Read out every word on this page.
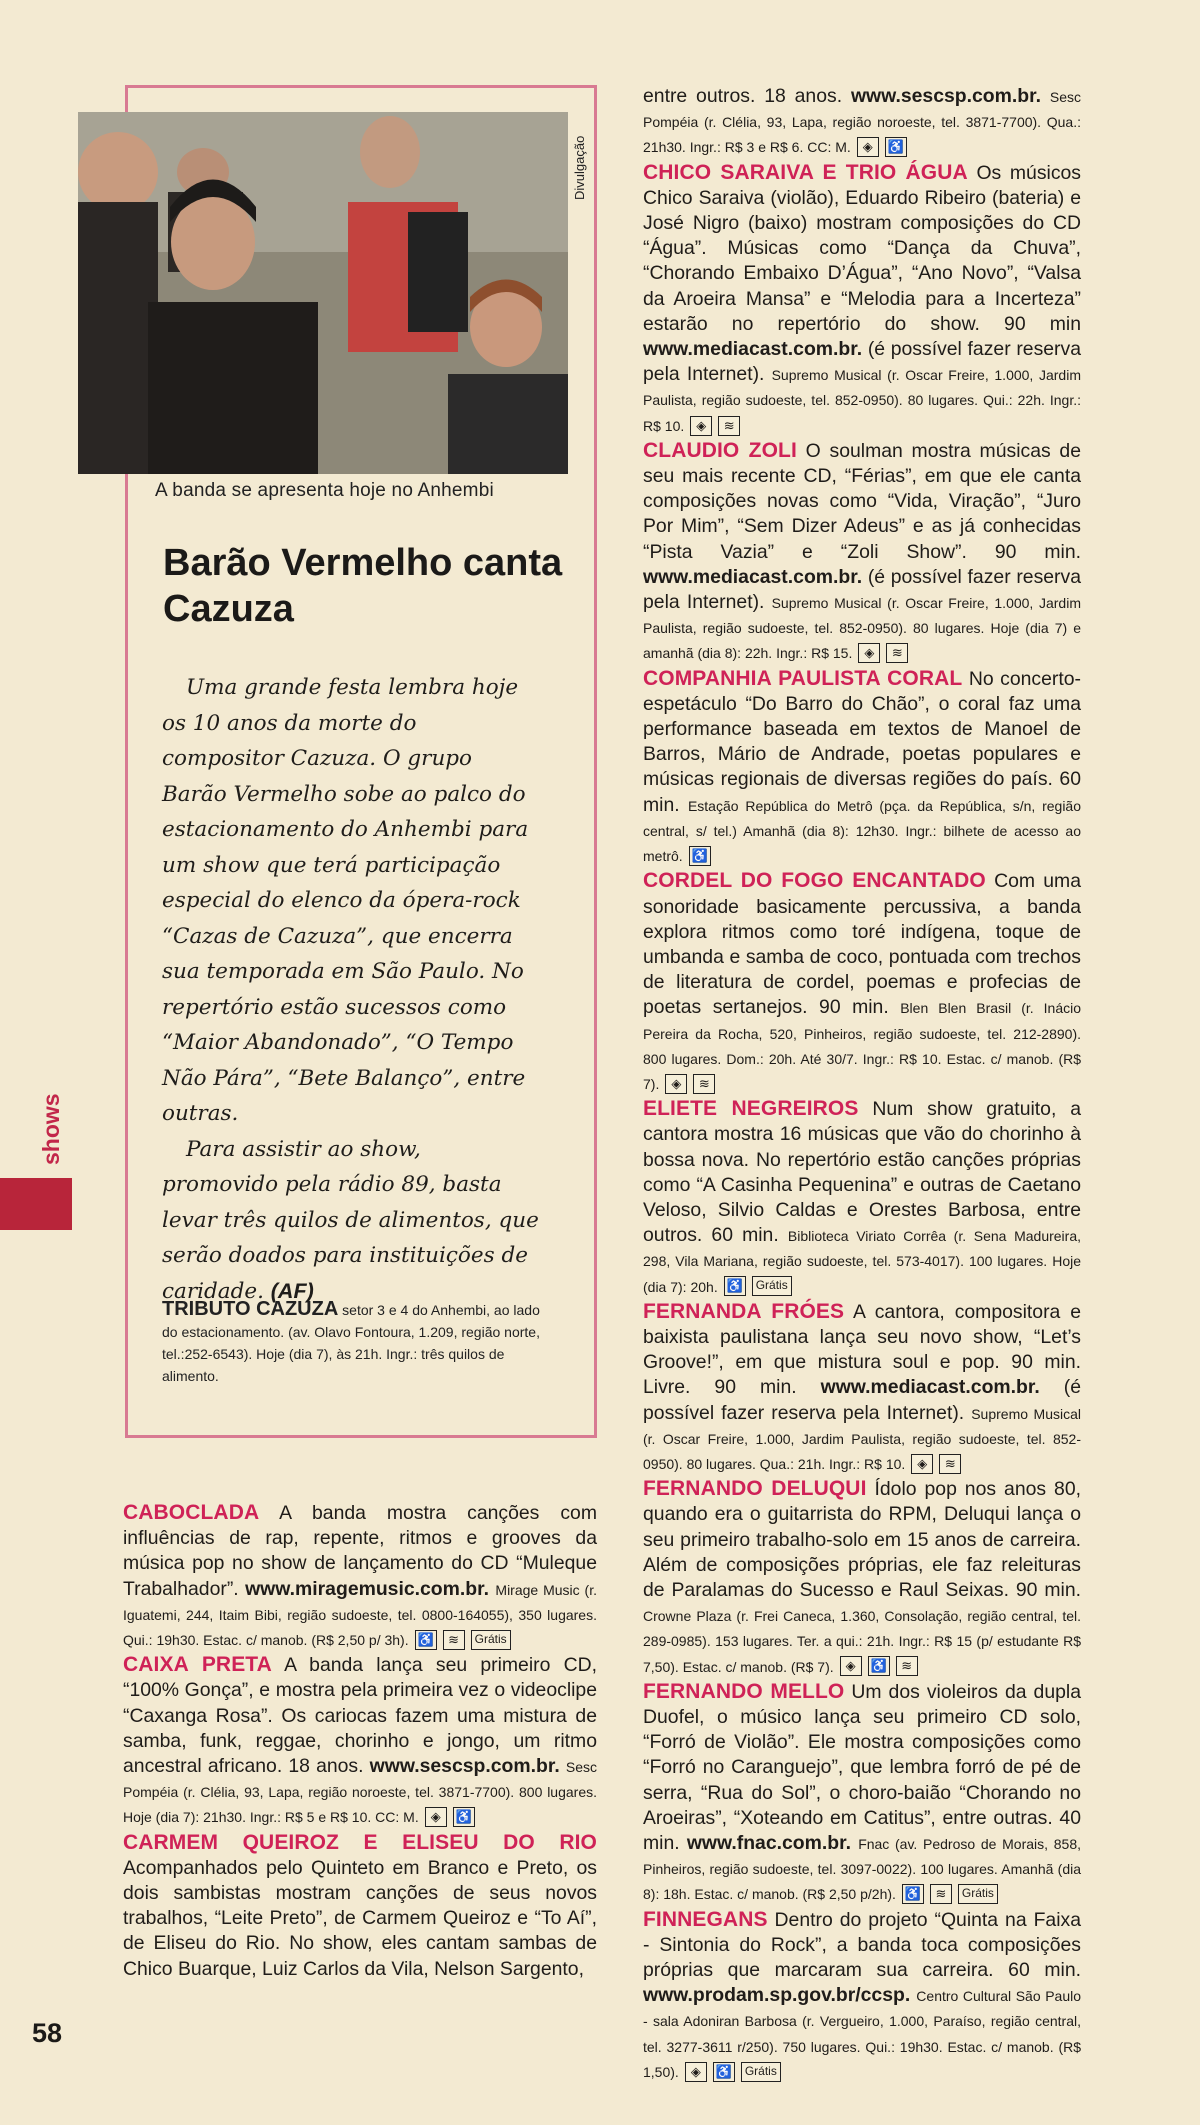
Divulgação
A banda se apresenta hoje no Anhembi
Barão Vermelho canta Cazuza

Uma grande festa lembra hoje os 10 anos da morte do compositor Cazuza. O grupo Barão Vermelho sobe ao palco do estacionamento do Anhembi para um show que terá participação especial do elenco da ópera-rock “Cazas de Cazuza”, que encerra sua temporada em São Paulo. No repertório estão sucessos como “Maior Abandonado”, “O Tempo Não Pára”, “Bete Balanço”, entre outras.

Para assistir ao show, promovido pela rádio 89, basta levar três quilos de alimentos, que serão doados para instituições de caridade. (AF)

TRIBUTO CAZUZA setor 3 e 4 do Anhembi, ao lado do estacionamento. (av. Olavo Fontoura, 1.209, região norte, tel.:252-6543). Hoje (dia 7), às 21h. Ingr.: três quilos de alimento.
shows
58
CABOCLADA A banda mostra canções com influências de rap, repente, ritmos e grooves da música pop no show de lançamento do CD “Muleque Trabalhador”. www.miragemusic.com.br. Mirage Music (r. Iguatemi, 244, Itaim Bibi, região sudoeste, tel. 0800-164055), 350 lugares. Qui.: 19h30. Estac. c/ manob. (R$ 2,50 p/ 3h). ♿ ≋ Grátis
CAIXA PRETA A banda lança seu primeiro CD, “100% Gonça”, e mostra pela primeira vez o videoclipe “Caxanga Rosa”. Os cariocas fazem uma mistura de samba, funk, reggae, chorinho e jongo, um ritmo ancestral africano. 18 anos. www.sescsp.com.br. Sesc Pompéia (r. Clélia, 93, Lapa, região noroeste, tel. 3871-7700). 800 lugares. Hoje (dia 7): 21h30. Ingr.: R$ 5 e R$ 10. CC: M. ◈ ♿
CARMEM QUEIROZ E ELISEU DO RIO Acompanhados pelo Quinteto em Branco e Preto, os dois sambistas mostram canções de seus novos trabalhos, “Leite Preto”, de Carmem Queiroz e “To Aí”, de Eliseu do Rio. No show, eles cantam sambas de Chico Buarque, Luiz Carlos da Vila, Nelson Sargento,
entre outros. 18 anos. www.sescsp.com.br. Sesc Pompéia (r. Clélia, 93, Lapa, região noroeste, tel. 3871-7700). Qua.: 21h30. Ingr.: R$ 3 e R$ 6. CC: M. ◈ ♿
CHICO SARAIVA E TRIO ÁGUA Os músicos Chico Saraiva (violão), Eduardo Ribeiro (bateria) e José Nigro (baixo) mostram composições do CD “Água”. Músicas como “Dança da Chuva”, “Chorando Embaixo D’Água”, “Ano Novo”, “Valsa da Aroeira Mansa” e “Melodia para a Incerteza” estarão no repertório do show. 90 min www.mediacast.com.br. (é possível fazer reserva pela Internet). Supremo Musical (r. Oscar Freire, 1.000, Jardim Paulista, região sudoeste, tel. 852-0950). 80 lugares. Qui.: 22h. Ingr.: R$ 10. ◈ ≋
CLAUDIO ZOLI O soulman mostra músicas de seu mais recente CD, “Férias”, em que ele canta composições novas como “Vida, Viração”, “Juro Por Mim”, “Sem Dizer Adeus” e as já conhecidas “Pista Vazia” e “Zoli Show”. 90 min. www.mediacast.com.br. (é possível fazer reserva pela Internet). Supremo Musical (r. Oscar Freire, 1.000, Jardim Paulista, região sudoeste, tel. 852-0950). 80 lugares. Hoje (dia 7) e amanhã (dia 8): 22h. Ingr.: R$ 15. ◈ ≋
COMPANHIA PAULISTA CORAL No concerto-espetáculo “Do Barro do Chão”, o coral faz uma performance baseada em textos de Manoel de Barros, Mário de Andrade, poetas populares e músicas regionais de diversas regiões do país. 60 min. Estação República do Metrô (pça. da República, s/n, região central, s/ tel.) Amanhã (dia 8): 12h30. Ingr.: bilhete de acesso ao metrô. ♿
CORDEL DO FOGO ENCANTADO Com uma sonoridade basicamente percussiva, a banda explora ritmos como toré indígena, toque de umbanda e samba de coco, pontuada com trechos de literatura de cordel, poemas e profecias de poetas sertanejos. 90 min. Blen Blen Brasil (r. Inácio Pereira da Rocha, 520, Pinheiros, região sudoeste, tel. 212-2890). 800 lugares. Dom.: 20h. Até 30/7. Ingr.: R$ 10. Estac. c/ manob. (R$ 7). ◈ ≋
ELIETE NEGREIROS Num show gratuito, a cantora mostra 16 músicas que vão do chorinho à bossa nova. No repertório estão canções próprias como “A Casinha Pequenina” e outras de Caetano Veloso, Silvio Caldas e Orestes Barbosa, entre outros. 60 min. Biblioteca Viriato Corrêa (r. Sena Madureira, 298, Vila Mariana, região sudoeste, tel. 573-4017). 100 lugares. Hoje (dia 7): 20h. ♿ Grátis
FERNANDA FRÓES A cantora, compositora e baixista paulistana lança seu novo show, “Let’s Groove!”, em que mistura soul e pop. 90 min. Livre. 90 min. www.mediacast.com.br. (é possível fazer reserva pela Internet). Supremo Musical (r. Oscar Freire, 1.000, Jardim Paulista, região sudoeste, tel. 852-0950). 80 lugares. Qua.: 21h. Ingr.: R$ 10. ◈ ≋
FERNANDO DELUQUI Ídolo pop nos anos 80, quando era o guitarrista do RPM, Deluqui lança o seu primeiro trabalho-solo em 15 anos de carreira. Além de composições próprias, ele faz releituras de Paralamas do Sucesso e Raul Seixas. 90 min. Crowne Plaza (r. Frei Caneca, 1.360, Consolação, região central, tel. 289-0985). 153 lugares. Ter. a qui.: 21h. Ingr.: R$ 15 (p/ estudante R$ 7,50). Estac. c/ manob. (R$ 7). ◈ ♿ ≋
FERNANDO MELLO Um dos violeiros da dupla Duofel, o músico lança seu primeiro CD solo, “Forró de Violão”. Ele mostra composições como “Forró no Caranguejo”, que lembra forró de pé de serra, “Rua do Sol”, o choro-baião “Chorando no Aroeiras”, “Xoteando em Catitus”, entre outras. 40 min. www.fnac.com.br. Fnac (av. Pedroso de Morais, 858, Pinheiros, região sudoeste, tel. 3097-0022). 100 lugares. Amanhã (dia 8): 18h. Estac. c/ manob. (R$ 2,50 p/2h). ♿ ≋ Grátis
FINNEGANS Dentro do projeto “Quinta na Faixa - Sintonia do Rock”, a banda toca composições próprias que marcaram sua carreira. 60 min. www.prodam.sp.gov.br/ccsp. Centro Cultural São Paulo - sala Adoniran Barbosa (r. Vergueiro, 1.000, Paraíso, região central, tel. 3277-3611 r/250). 750 lugares. Qui.: 19h30. Estac. c/ manob. (R$ 1,50). ◈ ♿ Grátis
